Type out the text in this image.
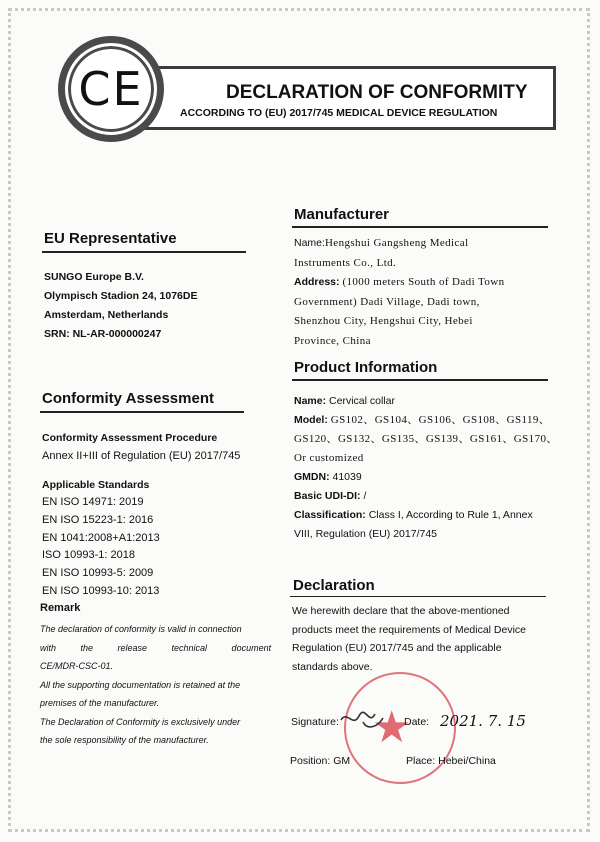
CE	DECLARATION OF CONFORMITY
ACCORDING TO (EU) 2017/745 MEDICAL DEVICE REGULATION
EU Representative
SUNGO Europe B.V.
Olympisch Stadion 24, 1076DE
Amsterdam, Netherlands
SRN: NL-AR-000000247
Conformity Assessment
Conformity Assessment Procedure
Annex II+III of Regulation (EU) 2017/745
Applicable Standards
EN ISO 14971: 2019
EN ISO 15223-1: 2016
EN 1041:2008+A1:2013
ISO 10993-1: 2018
EN ISO 10993-5: 2009
EN ISO 10993-10: 2013
Remark
The declaration of conformity is valid in connection
with the release technical document
CE/MDR-CSC-01.
All the supporting documentation is retained at the
premises of the manufacturer.
The Declaration of Conformity is exclusively under
the sole responsibility of the manufacturer.
Manufacturer
Name:Hengshui Gangsheng Medical
Instruments Co., Ltd.
Address: (1000 meters South of Dadi Town
Government) Dadi Village, Dadi town,
Shenzhou City, Hengshui City, Hebei
Province, China
Product Information
Name: Cervical collar
Model: GS102、GS104、GS106、GS108、GS119、
GS120、GS132、GS135、GS139、GS161、GS170、
Or customized
GMDN: 41039
Basic UDI-DI: /
Classification: Class I, According to Rule 1, Annex
VIII, Regulation (EU) 2017/745
Declaration
We herewith declare that the above-mentioned
products meet the requirements of Medical Device
Regulation (EU) 2017/745 and the applicable
standards above.
★
Signature:	Date: 2021. 7. 15
Position: GM	Place: Hebei/China
